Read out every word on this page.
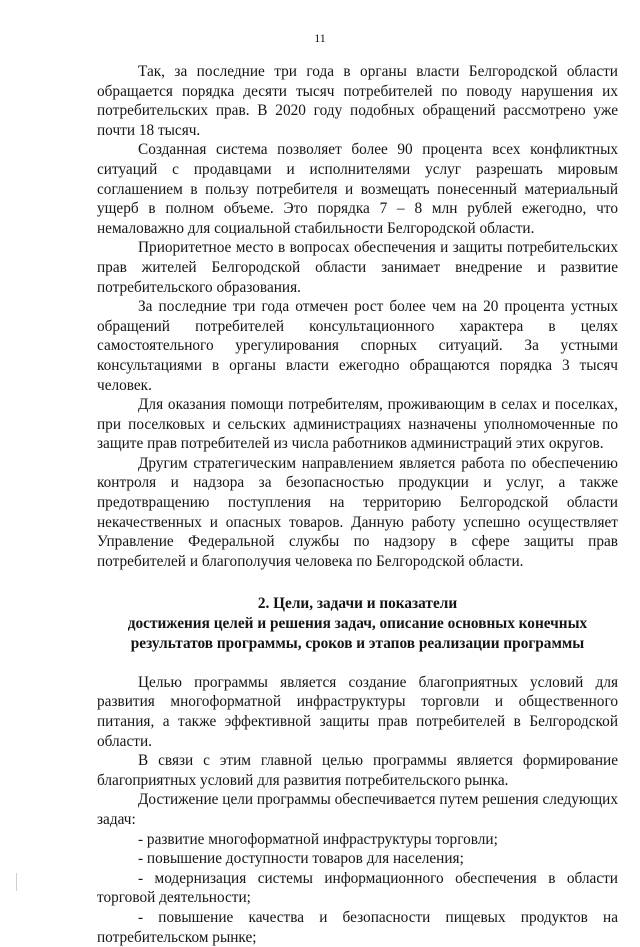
11

Так, за последние три года в органы власти Белгородской области обращается порядка десяти тысяч потребителей по поводу нарушения их потребительских прав. В 2020 году подобных обращений рассмотрено уже почти 18 тысяч.

Созданная система позволяет более 90 процента всех конфликтных ситуаций с продавцами и исполнителями услуг разрешать мировым соглашением в пользу потребителя и возмещать понесенный материальный ущерб в полном объеме. Это порядка 7 – 8 млн рублей ежегодно, что немаловажно для социальной стабильности Белгородской области.

Приоритетное место в вопросах обеспечения и защиты потребительских прав жителей Белгородской области занимает внедрение и развитие потребительского образования.

За последние три года отмечен рост более чем на 20 процента устных обращений потребителей консультационного характера в целях самостоятельного урегулирования спорных ситуаций. За устными консультациями в органы власти ежегодно обращаются порядка 3 тысяч человек.

Для оказания помощи потребителям, проживающим в селах и поселках, при поселковых и сельских администрациях назначены уполномоченные по защите прав потребителей из числа работников администраций этих округов.

Другим стратегическим направлением является работа по обеспечению контроля и надзора за безопасностью продукции и услуг, а также предотвращению поступления на территорию Белгородской области некачественных и опасных товаров. Данную работу успешно осуществляет Управление Федеральной службы по надзору в сфере защиты прав потребителей и благополучия человека по Белгородской области.

2. Цели, задачи и показатели

достижения целей и решения задач, описание основных конечных

результатов программы, сроков и этапов реализации программы

Целью программы является создание благоприятных условий для развития многоформатной инфраструктуры торговли и общественного питания, а также эффективной защиты прав потребителей в Белгородской области.

В связи с этим главной целью программы является формирование благоприятных условий для развития потребительского рынка.

Достижение цели программы обеспечивается путем решения следующих задач:

- развитие многоформатной инфраструктуры торговли;

- повышение доступности товаров для населения;

- модернизация системы информационного обеспечения в области торговой деятельности;

- повышение качества и безопасности пищевых продуктов на потребительском рынке;
